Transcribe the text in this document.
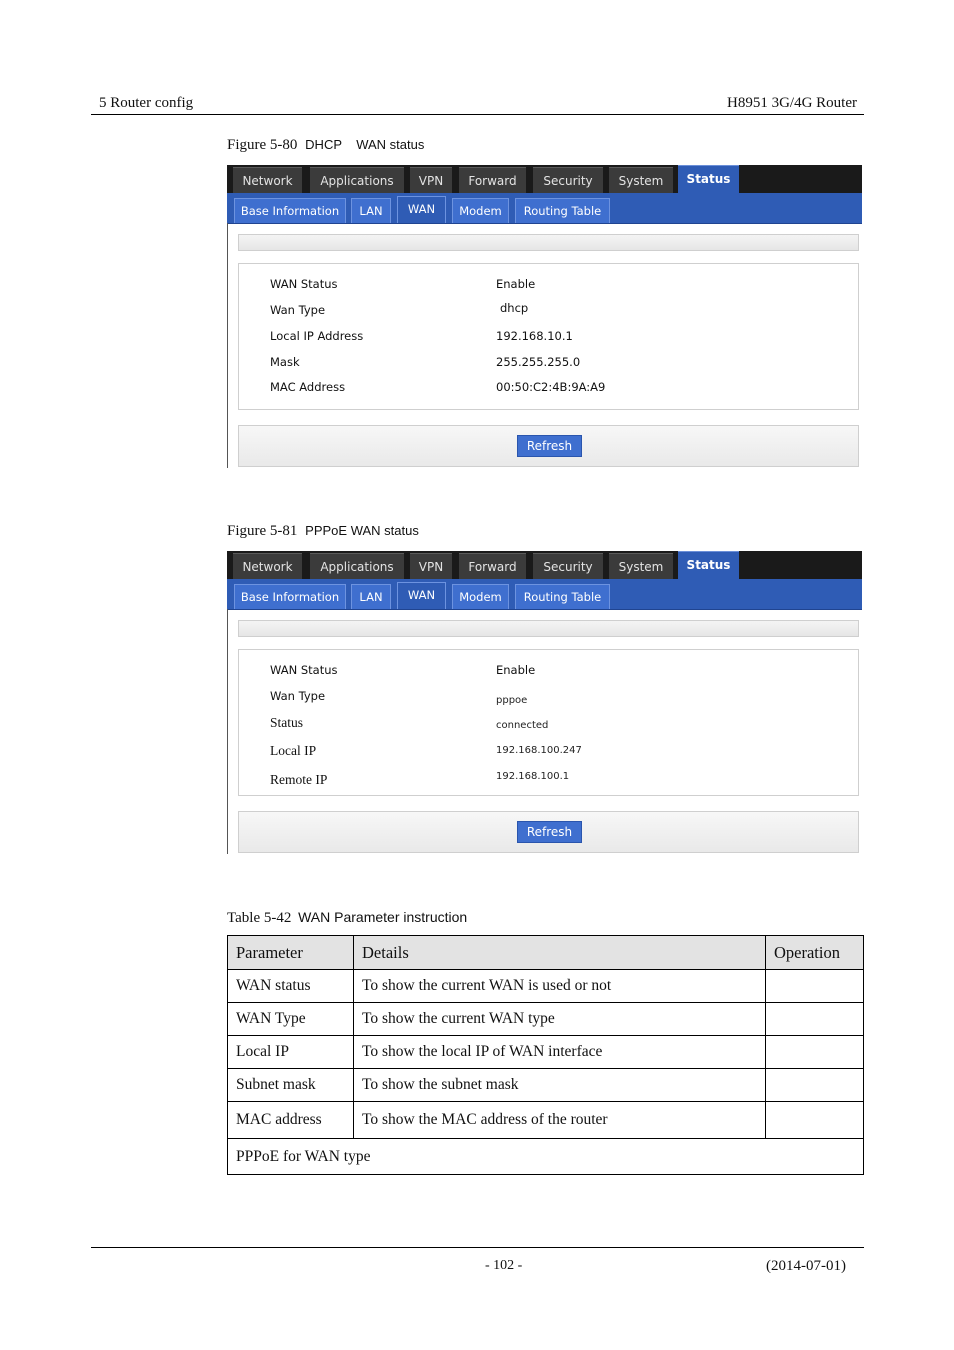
5 Router config	H8951 3G/4G Router
Figure 5-80 DHCP    WAN status
Network	Applications	VPN	Forward	Security	System	Status
Base Information	LAN	WAN	Modem	Routing Table
WAN Status	Enable
Wan Type	dhcp
Local IP Address	192.168.10.1
Mask	255.255.255.0
MAC Address	00:50:C2:4B:9A:A9
Refresh
Figure 5-81 PPPoE WAN status
Network	Applications	VPN	Forward	Security	System	Status
Base Information	LAN	WAN	Modem	Routing Table
WAN Status	Enable
Wan Type	pppoe
Status	connected
Local IP	192.168.100.247
Remote IP	192.168.100.1
Refresh
Table 5-42 WAN Parameter instruction
Parameter	Details	Operation
WAN status	To show the current WAN is used or not	
WAN Type	To show the current WAN type	
Local IP	To show the local IP of WAN interface	
Subnet mask	To show the subnet mask	
MAC address	To show the MAC address of the router	
PPPoE for WAN type		
- 102 -	(2014-07-01)
